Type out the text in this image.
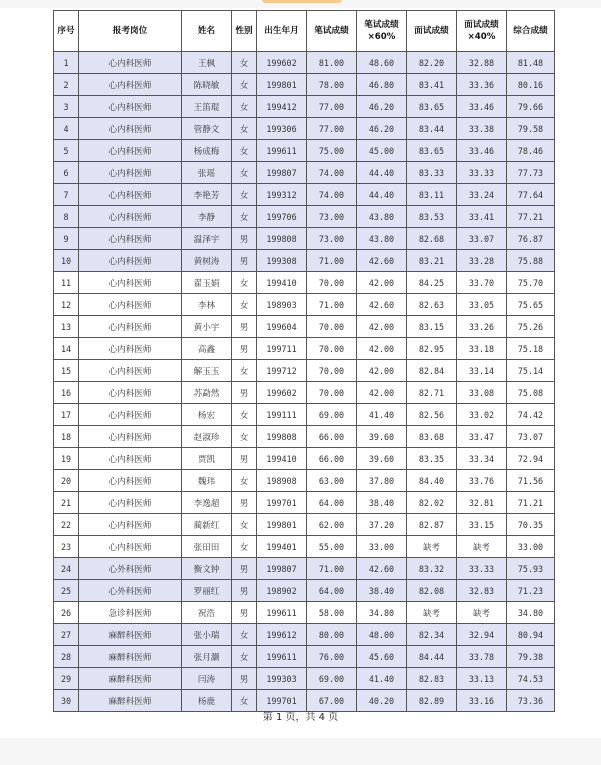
序号	报考岗位	姓名	性别	出生年月	笔试成绩	笔试成绩×60%	面试成绩	面试成绩×40%	综合成绩
1	心内科医师	王枫	女	199602	81.00	48.60	82.20	32.88	81.48
2	心内科医师	陈晓敏	女	199801	78.00	46.80	83.41	33.36	80.16
3	心内科医师	王笛琨	女	199412	77.00	46.20	83.65	33.46	79.66
4	心内科医师	管静文	女	199306	77.00	46.20	83.44	33.38	79.58
5	心内科医师	杨成梅	女	199611	75.00	45.00	83.65	33.46	78.46
6	心内科医师	张瑶	女	199807	74.00	44.40	83.33	33.33	77.73
7	心内科医师	李艳芳	女	199312	74.00	44.40	83.11	33.24	77.64
8	心内科医师	李静	女	199706	73.00	43.80	83.53	33.41	77.21
9	心内科医师	温泽宇	男	199808	73.00	43.80	82.68	33.07	76.87
10	心内科医师	黄树涛	男	199308	71.00	42.60	83.21	33.28	75.88
11	心内科医师	翟玉娟	女	199410	70.00	42.00	84.25	33.70	75.70
12	心内科医师	李林	女	198903	71.00	42.60	82.63	33.05	75.65
13	心内科医师	黄小宇	男	199604	70.00	42.00	83.15	33.26	75.26
14	心内科医师	高鑫	男	199711	70.00	42.00	82.95	33.18	75.18
15	心内科医师	解玉玉	女	199712	70.00	42.00	82.84	33.14	75.14
16	心内科医师	苏勐然	男	199602	70.00	42.00	82.71	33.08	75.08
17	心内科医师	杨宏	女	199111	69.00	41.40	82.56	33.02	74.42
18	心内科医师	赵淑珍	女	199808	66.00	39.60	83.68	33.47	73.07
19	心内科医师	贾凯	男	199410	66.00	39.60	83.35	33.34	72.94
20	心内科医师	魏玮	女	198908	63.00	37.80	84.40	33.76	71.56
21	心内科医师	李逸超	男	199701	64.00	38.40	82.02	32.81	71.21
22	心内科医师	蔺新红	女	199801	62.00	37.20	82.87	33.15	70.35
23	心内科医师	张田田	女	199401	55.00	33.00	缺考	缺考	33.00
24	心外科医师	衡文钟	男	199807	71.00	42.60	83.32	33.33	75.93
25	心外科医师	罗丽红	男	198902	64.00	38.40	82.08	32.83	71.23
26	急诊科医师	祝浩	男	199611	58.00	34.80	缺考	缺考	34.80
27	麻醉科医师	张小瑞	女	199612	80.00	48.00	82.34	32.94	80.94
28	麻醉科医师	张月灏	女	199611	76.00	45.60	84.44	33.78	79.38
29	麻醉科医师	闫涛	男	199303	69.00	41.40	82.83	33.13	74.53
30	麻醉科医师	杨鹿	女	199701	67.00	40.20	82.89	33.16	73.36
第 1 页，共 4 页
